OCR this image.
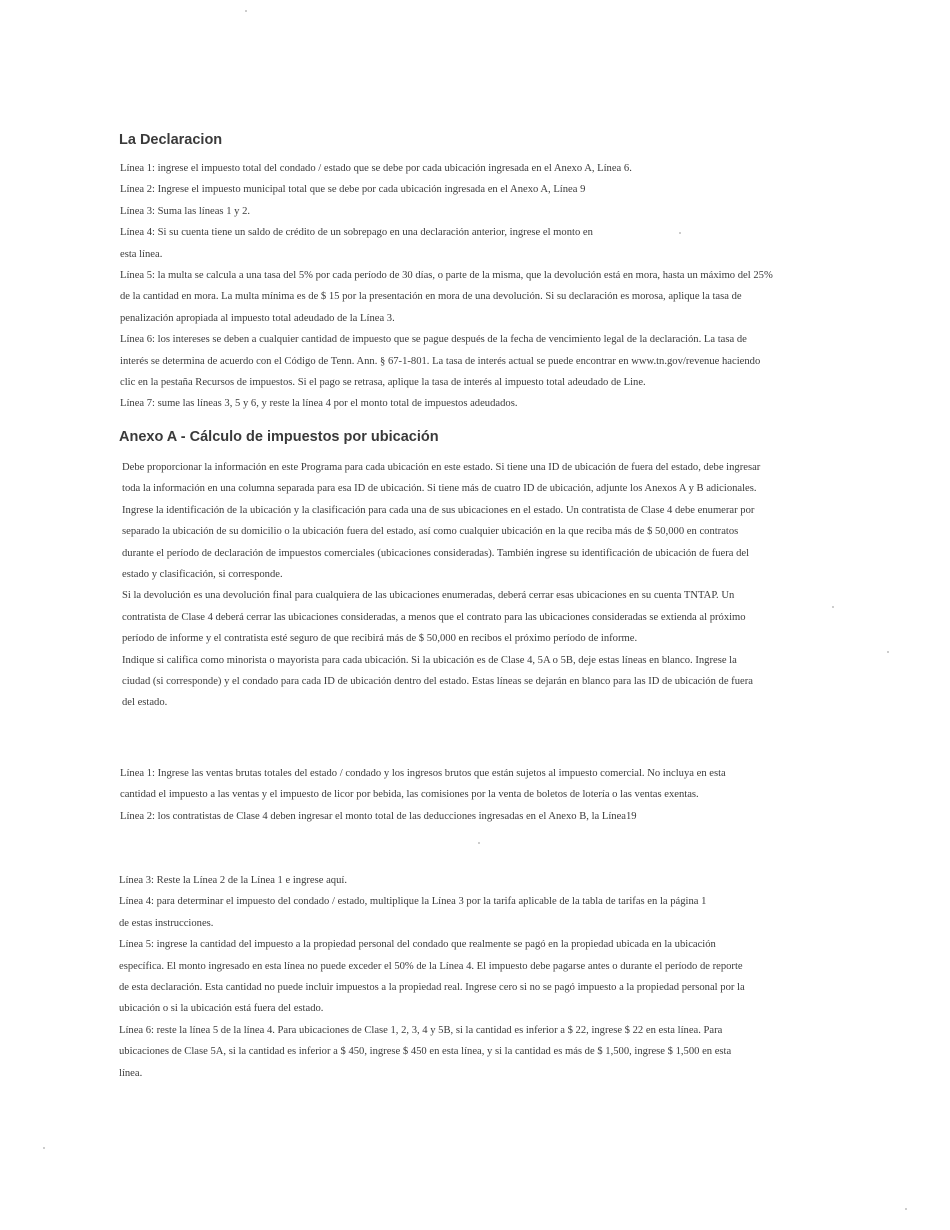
La Declaracion

Línea 1: ingrese el impuesto total del condado / estado que se debe por cada ubicación ingresada en el Anexo A, Línea 6.

Línea 2: Ingrese el impuesto municipal total que se debe por cada ubicación ingresada en el Anexo A, Línea 9

Línea 3: Suma las líneas 1 y 2.

Línea 4: Si su cuenta tiene un saldo de crédito de un sobrepago en una declaración anterior, ingrese el monto en

esta línea.

Línea 5: la multa se calcula a una tasa del 5% por cada período de 30 días, o parte de la misma, que la devolución está en mora, hasta un máximo del 25%

de la cantidad en mora. La multa mínima es de $ 15 por la presentación en mora de una devolución. Si su declaración es morosa, aplique la tasa de

penalización apropiada al impuesto total adeudado de la Línea 3.

Línea 6: los intereses se deben a cualquier cantidad de impuesto que se pague después de la fecha de vencimiento legal de la declaración. La tasa de

interés se determina de acuerdo con el Código de Tenn. Ann. § 67-1-801. La tasa de interés actual se puede encontrar en www.tn.gov/revenue haciendo

clic en la pestaña Recursos de impuestos. Si el pago se retrasa, aplique la tasa de interés al impuesto total adeudado de Line.

Línea 7: sume las líneas 3, 5 y 6, y reste la línea 4 por el monto total de impuestos adeudados.

Anexo A - Cálculo de impuestos por ubicación

Debe proporcionar la información en este Programa para cada ubicación en este estado. Si tiene una ID de ubicación de fuera del estado, debe ingresar

toda la información en una columna separada para esa ID de ubicación. Si tiene más de cuatro ID de ubicación, adjunte los Anexos A y B adicionales.

Ingrese la identificación de la ubicación y la clasificación para cada una de sus ubicaciones en el estado. Un contratista de Clase 4 debe enumerar por

separado la ubicación de su domicilio o la ubicación fuera del estado, así como cualquier ubicación en la que reciba más de $ 50,000 en contratos

durante el período de declaración de impuestos comerciales (ubicaciones consideradas). También ingrese su identificación de ubicación de fuera del

estado y clasificación, si corresponde.

Si la devolución es una devolución final para cualquiera de las ubicaciones enumeradas, deberá cerrar esas ubicaciones en su cuenta TNTAP. Un

contratista de Clase 4 deberá cerrar las ubicaciones consideradas, a menos que el contrato para las ubicaciones consideradas se extienda al próximo

período de informe y el contratista esté seguro de que recibirá más de $ 50,000 en recibos el próximo período de informe.

Indique si califica como minorista o mayorista para cada ubicación. Si la ubicación es de Clase 4, 5A o 5B, deje estas líneas en blanco. Ingrese la

ciudad (si corresponde) y el condado para cada ID de ubicación dentro del estado. Estas líneas se dejarán en blanco para las ID de ubicación de fuera

del estado.

Línea 1: Ingrese las ventas brutas totales del estado / condado y los ingresos brutos que están sujetos al impuesto comercial. No incluya en esta

cantidad el impuesto a las ventas y el impuesto de licor por bebida, las comisiones por la venta de boletos de lotería o las ventas exentas.

Línea 2: los contratistas de Clase 4 deben ingresar el monto total de las deducciones ingresadas en el Anexo B, la Línea19

Línea 3: Reste la Línea 2 de la Línea 1 e ingrese aquí.

Línea 4: para determinar el impuesto del condado / estado, multiplique la Línea 3 por la tarifa aplicable de la tabla de tarifas en la página 1

de estas instrucciones.

Línea 5: ingrese la cantidad del impuesto a la propiedad personal del condado que realmente se pagó en la propiedad ubicada en la ubicación

específica. El monto ingresado en esta línea no puede exceder el 50% de la Línea 4. El impuesto debe pagarse antes o durante el período de reporte

de esta declaración. Esta cantidad no puede incluir impuestos a la propiedad real. Ingrese cero si no se pagó impuesto a la propiedad personal por la

ubicación o si la ubicación está fuera del estado.

Línea 6: reste la línea 5 de la línea 4. Para ubicaciones de Clase 1, 2, 3, 4 y 5B, si la cantidad es inferior a $ 22, ingrese $ 22 en esta línea. Para

ubicaciones de Clase 5A, si la cantidad es inferior a $ 450, ingrese $ 450 en esta línea, y si la cantidad es más de $ 1,500, ingrese $ 1,500 en esta

línea.
